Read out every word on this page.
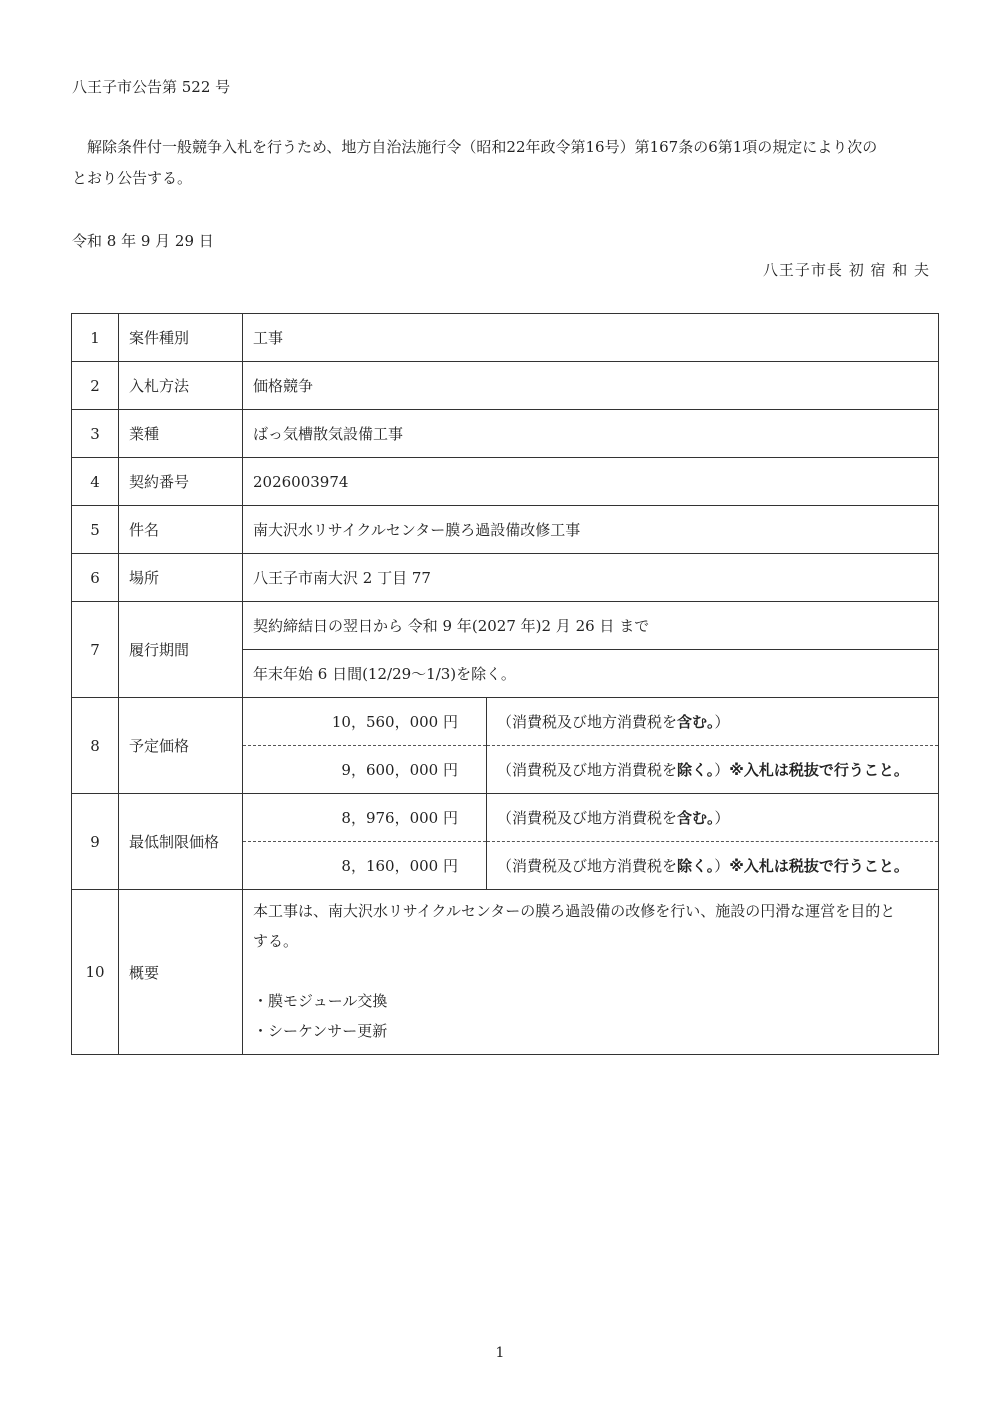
八王子市公告第 522 号
解除条件付一般競争入札を行うため、地方自治法施行令（昭和22年政令第16号）第167条の6第1項の規定により次の
とおり公告する。
令和 8 年 9 月 29 日
八王子市長 初 宿 和 夫
1	案件種別	工事	
2	入札方法	価格競争	
3	業種	ばっ気槽散気設備工事	
4	契約番号	2026003974	
5	件名	南大沢水リサイクルセンター膜ろ過設備改修工事	
6	場所	八王子市南大沢 2 丁目 77	
7	履行期間	契約締結日の翌日から 令和 9 年(2027 年)2 月 26 日 まで	
		年末年始 6 日間(12/29～1/3)を除く。	
8	予定価格	10，560，000 円	（消費税及び地方消費税を含む。）
		9，600，000 円	（消費税及び地方消費税を除く。）※入札は税抜で行うこと。
9	最低制限価格	8，976，000 円	（消費税及び地方消費税を含む。）
		8，160，000 円	（消費税及び地方消費税を除く。）※入札は税抜で行うこと。
10	概要	本工事は、南大沢水リサイクルセンターの膜ろ過設備の改修を行い、施設の円滑な運営を目的と
する。
・膜モジュール交換
・シーケンサー更新	
1
